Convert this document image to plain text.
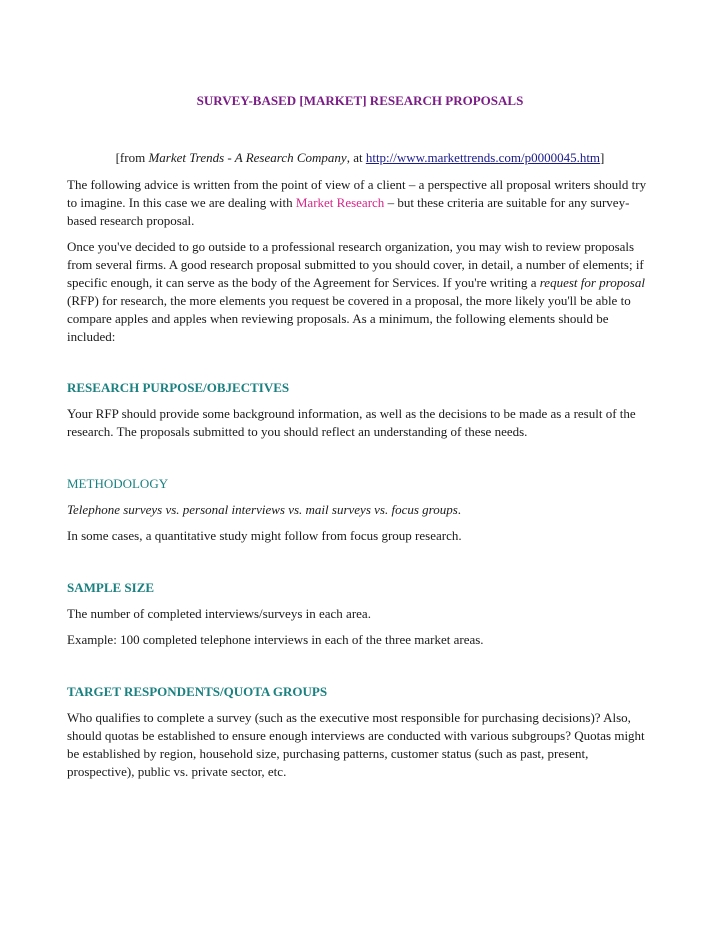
SURVEY-BASED [MARKET] RESEARCH PROPOSALS
[from Market Trends - A Research Company, at http://www.markettrends.com/p0000045.htm]

The following advice is written from the point of view of a client – a perspective all proposal writers should try to imagine. In this case we are dealing with Market Research – but these criteria are suitable for any survey-based research proposal.

Once you've decided to go outside to a professional research organization, you may wish to review proposals from several firms. A good research proposal submitted to you should cover, in detail, a number of elements; if specific enough, it can serve as the body of the Agreement for Services. If you're writing a request for proposal (RFP) for research, the more elements you request be covered in a proposal, the more likely you'll be able to compare apples and apples when reviewing proposals. As a minimum, the following elements should be included:

RESEARCH PURPOSE/OBJECTIVES

Your RFP should provide some background information, as well as the decisions to be made as a result of the research. The proposals submitted to you should reflect an understanding of these needs.

METHODOLOGY

Telephone surveys vs. personal interviews vs. mail surveys vs. focus groups.

In some cases, a quantitative study might follow from focus group research.

SAMPLE SIZE

The number of completed interviews/surveys in each area.

Example: 100 completed telephone interviews in each of the three market areas.

TARGET RESPONDENTS/QUOTA GROUPS

Who qualifies to complete a survey (such as the executive most responsible for purchasing decisions)? Also, should quotas be established to ensure enough interviews are conducted with various subgroups? Quotas might be established by region, household size, purchasing patterns, customer status (such as past, present, prospective), public vs. private sector, etc.
